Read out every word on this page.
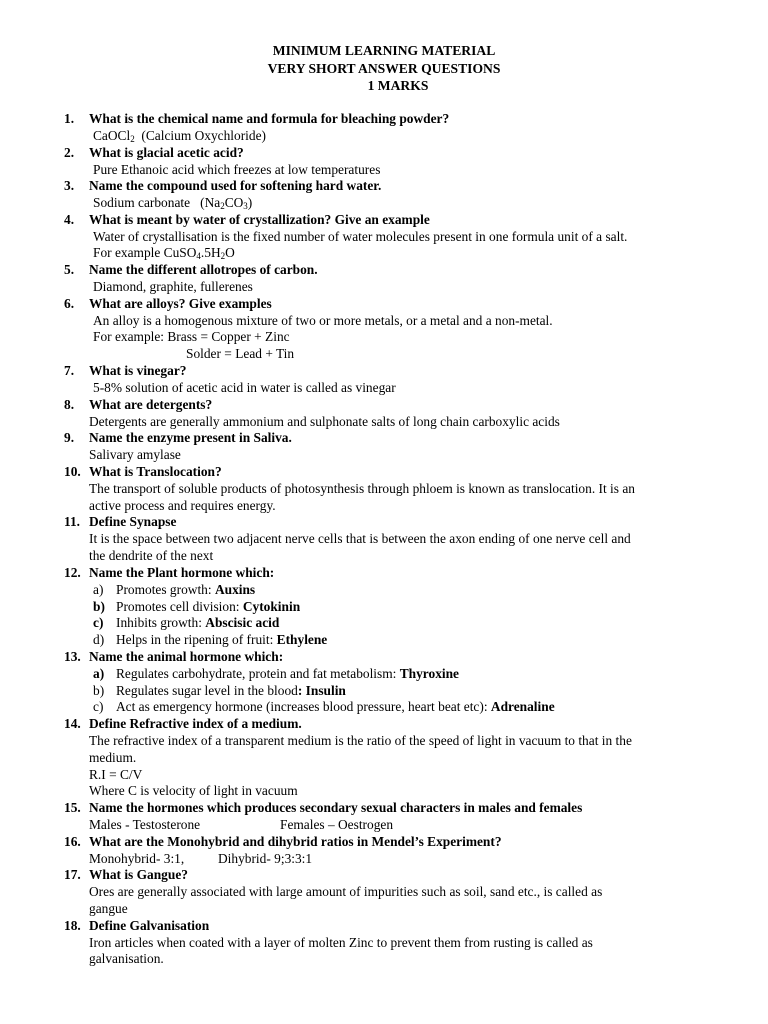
MINIMUM LEARNING MATERIAL
VERY SHORT ANSWER QUESTIONS
1 MARKS
1. What is the chemical name and formula for bleaching powder?
CaOCl$_2$ (Calcium Oxychloride)
2. What is glacial acetic acid?
Pure Ethanoic acid which freezes at low temperatures
3. Name the compound used for softening hard water.
Sodium carbonate $(Na_2CO_3)$
4. What is meant by water of crystallization? Give an example
Water of crystallisation is the fixed number of water molecules present in one formula unit of a salt.
For example $CuSO_4.5H_2O$
5. Name the different allotropes of carbon.
Diamond, graphite, fullerenes
6. What are alloys? Give examples
An alloy is a homogenous mixture of two or more metals, or a metal and a non-metal.
For example: Brass = Copper + Zinc
Solder = Lead + Tin
7. What is vinegar?
5-8% solution of acetic acid in water is called as vinegar
8. What are detergents?
Detergents are generally ammonium and sulphonate salts of long chain carboxylic acids
9. Name the enzyme present in Saliva.
Salivary amylase
10. What is Translocation?
The transport of soluble products of photosynthesis through phloem is known as translocation. It is an
active process and requires energy.
11. Define Synapse
It is the space between two adjacent nerve cells that is between the axon ending of one nerve cell and
the dendrite of the next
12. Name the Plant hormone which:
a) Promotes growth: Auxins
b) Promotes cell division: Cytokinin
c) Inhibits growth: Abscisic acid
d) Helps in the ripening of fruit: Ethylene
13. Name the animal hormone which:
a) Regulates carbohydrate, protein and fat metabolism: Thyroxine
b) Regulates sugar level in the blood: Insulin
c) Act as emergency hormone (increases blood pressure, heart beat etc): Adrenaline
14. Define Refractive index of a medium.
The refractive index of a transparent medium is the ratio of the speed of light in vacuum to that in the
medium.
R.I = C/V
Where C is velocity of light in vacuum
15. Name the hormones which produces secondary sexual characters in males and females
Males - Testosterone	Females – Oestrogen
16. What are the Monohybrid and dihybrid ratios in Mendel’s Experiment?
Monohybrid- 3:1,	Dihybrid- 9;3:3:1
17. What is Gangue?
Ores are generally associated with large amount of impurities such as soil, sand etc., is called as
gangue
18. Define Galvanisation
Iron articles when coated with a layer of molten Zinc to prevent them from rusting is called as
galvanisation.
